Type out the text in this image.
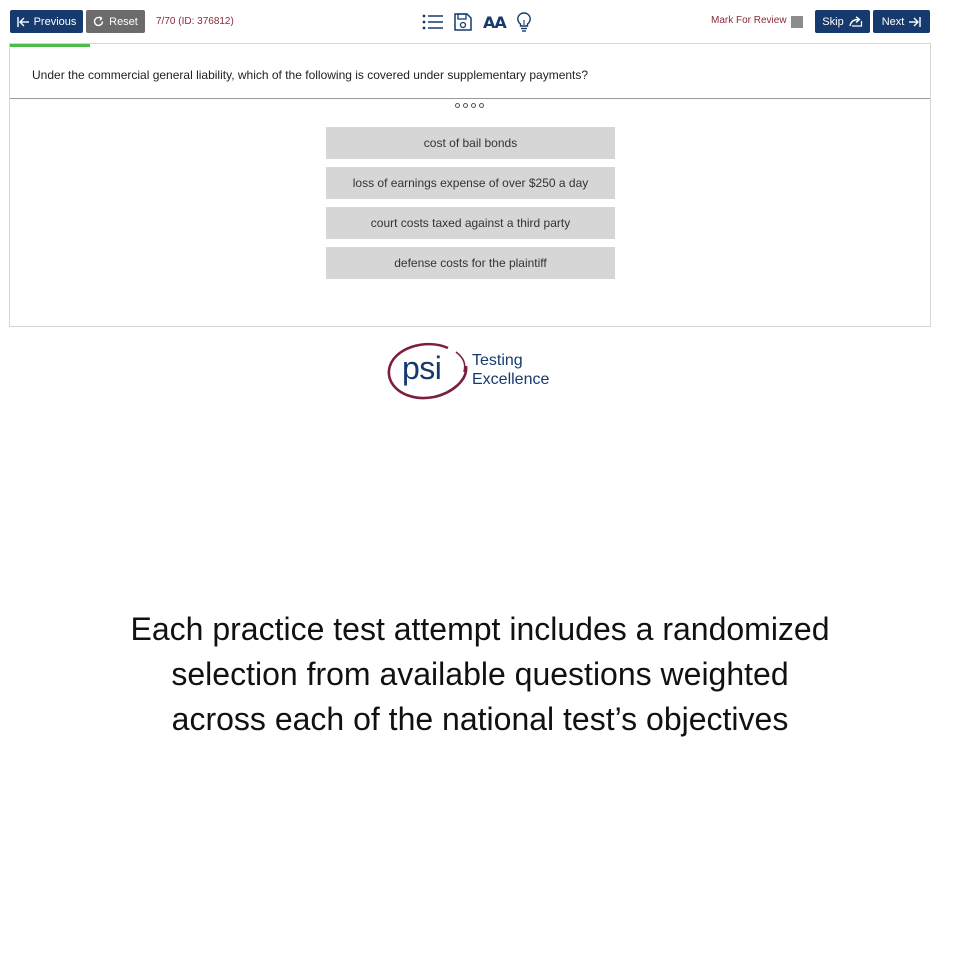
Previous	Reset 7/70 (ID: 376812)	AA	Mark For Review	Skip	Next
Under the commercial general liability, which of the following is covered under supplementary payments?
cost of bail bonds
loss of earnings expense of over $250 a day
court costs taxed against a third party
defense costs for the plaintiff
psi Testing
Excellence
Each practice test attempt includes a randomized
selection from available questions weighted
across each of the national test’s objectives
